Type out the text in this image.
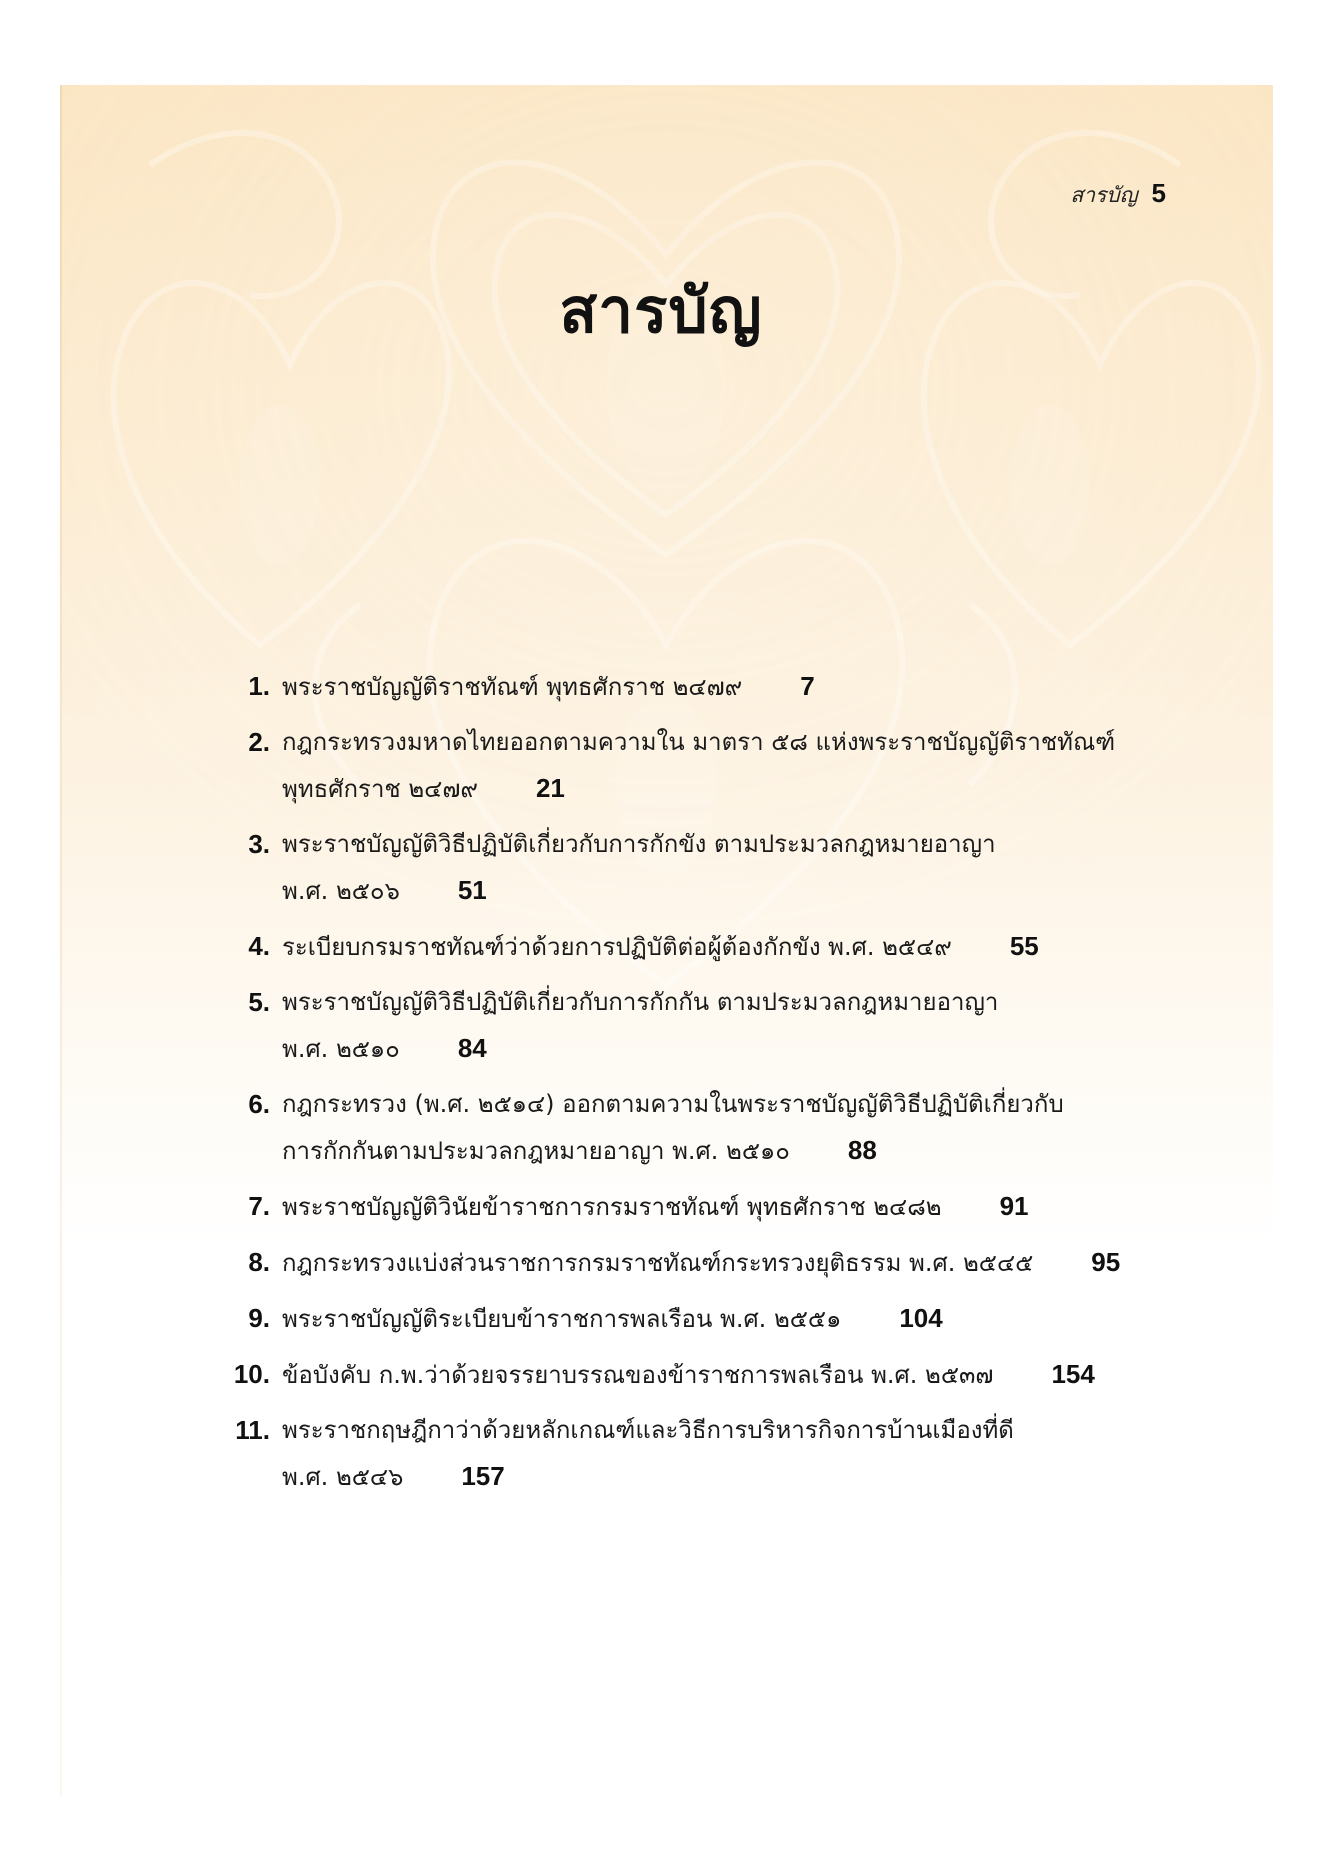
สารบัญ 5
สารบัญ
1. พระราชบัญญัติราชทัณฑ์ พุทธศักราช ๒๔๗๙ 7
2. กฎกระทรวงมหาดไทยออกตามความใน มาตรา ๕๘ แห่งพระราชบัญญัติราชทัณฑ์
พุทธศักราช ๒๔๗๙ 21
3. พระราชบัญญัติวิธีปฏิบัติเกี่ยวกับการกักขัง ตามประมวลกฎหมายอาญา
พ.ศ. ๒๕๐๖ 51
4. ระเบียบกรมราชทัณฑ์ว่าด้วยการปฏิบัติต่อผู้ต้องกักขัง พ.ศ. ๒๕๔๙ 55
5. พระราชบัญญัติวิธีปฏิบัติเกี่ยวกับการกักกัน ตามประมวลกฎหมายอาญา
พ.ศ. ๒๕๑๐ 84
6. กฎกระทรวง (พ.ศ. ๒๕๑๔) ออกตามความในพระราชบัญญัติวิธีปฏิบัติเกี่ยวกับ
การกักกันตามประมวลกฎหมายอาญา พ.ศ. ๒๕๑๐ 88
7. พระราชบัญญัติวินัยข้าราชการกรมราชทัณฑ์ พุทธศักราช ๒๔๘๒ 91
8. กฎกระทรวงแบ่งส่วนราชการกรมราชทัณฑ์กระทรวงยุติธรรม พ.ศ. ๒๕๔๕ 95
9. พระราชบัญญัติระเบียบข้าราชการพลเรือน พ.ศ. ๒๕๕๑ 104
10. ข้อบังคับ ก.พ.ว่าด้วยจรรยาบรรณของข้าราชการพลเรือน พ.ศ. ๒๕๓๗ 154
11. พระราชกฤษฎีกาว่าด้วยหลักเกณฑ์และวิธีการบริหารกิจการบ้านเมืองที่ดี
พ.ศ. ๒๕๔๖ 157
